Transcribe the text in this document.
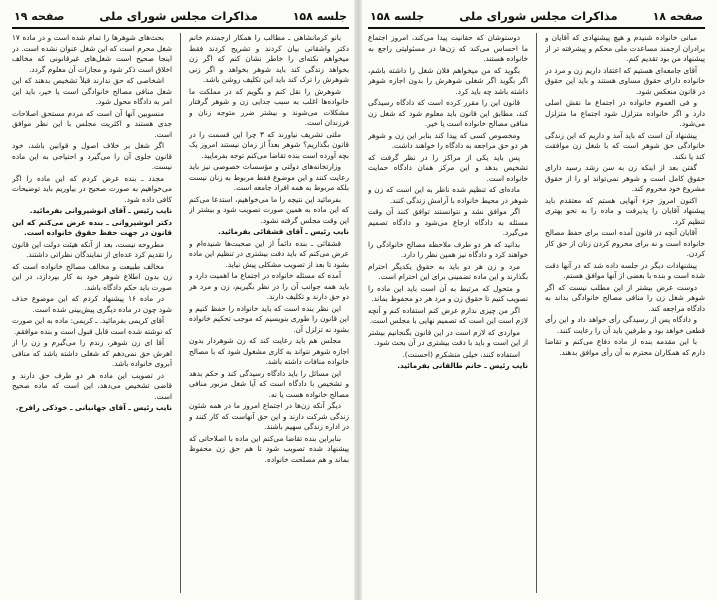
جلسه ۱۵۸
مذاکرات مجلس شورای ملی
صفحه ۱۹
بانو کرمانشاهی ـ مطالب را همکار ارجمندم خانم دکتر واشقانی بیان کردند و تشریح کردند فقط میخواهم نکته‌ای را خاطر نشان کنم که اگر زن بخواهد زندگی کند باید شوهر بخواهد و اگر زنی شوهرش را ترک کند باید این تکلیف روشن باشد.
شوهرش را نقل کنم و بگویم که در مملکت ما خانواده‌ها اغلب به سبب جدایی زن و شوهر گرفتار مشکلات می‌شوند و بیشتر ضرر متوجه زنان و فرزندان است.
ملتی تشریف نیاورند که ۳ چرا این قسمت را در قانون بگذاریم؟ شوهر بعداً از زمان نیستند امروز یک بچه آورده است بنده تقاضا می‌کنم توجه بفرمایید.
وزارتخانه‌های دولتی و مؤسسات خصوصی نیز باید رعایت کنند و این موضوع فقط مربوط به زنان نیست بلکه مربوط به همه افراد جامعه است.
بفرمائید این نتیجه را ما می‌خواهیم، استدعا می‌کنم که این ماده به همین صورت تصویب شود و بیشتر از این وقت مجلس گرفته نشود.
نایب رئیس ـ آقای قشقائی بفرمائید.
قشقائی ـ بنده دائماً از این صحبت‌ها شنیده‌ام و عرض می‌کنم که باید دقت بیشتری در تنظیم این ماده بشود تا بعد از تصویب مشکلی پیش نیاید.
آمده که مسئله خانواده در اجتماع ما اهمیت دارد و باید همه جوانب آن را در نظر بگیریم، زن و مرد هر دو حق دارند و تکلیف دارند.
این نظر بنده است که باید خانواده را حفظ کنیم و این قانون را طوری بنویسیم که موجب تحکیم خانواده بشود نه تزلزل آن.
مجلس هم باید رعایت کند که زن شوهردار بدون اجازه شوهر نتواند به کاری مشغول شود که با مصالح خانواده منافات داشته باشد.
این مسائل را باید دادگاه رسیدگی کند و حکم بدهد و تشخیص با دادگاه است که آیا شغل مزبور منافی مصالح خانواده هست یا نه.
دیگر آنکه زن‌ها در اجتماع امروز ما در همه شئون زندگی شرکت دارند و این حق آنهاست که کار کنند و در اداره زندگی سهیم باشند.
بنابراین بنده تقاضا می‌کنم این ماده با اصلاحاتی که پیشنهاد شده تصویب شود تا هم حق زن محفوظ بماند و هم مصلحت خانواده.
بحث‌های شوهرها را تمام شده است و در ماده ۱۷ شغل محرم است که این شغل عنوان نشده است. در اینجا صحیح است شغل‌های غیرقانونی که مخالف اخلاق است ذکر شود و مجازات آن معلوم گردد.
اشخاصی که حق ندارند قبلاً تشخیص بدهند که این شغل منافی مصالح خانوادگی است یا خیر، باید این امر به دادگاه محول شود.
منسوبین آنها آن است که مردم مستحق اصلاحات جدی هستند و اکثریت مجلس با این نظر موافق است.
اگر شغل بر خلاف اصول و قوانین باشد، خود قانون جلوی آن را می‌گیرد و احتیاجی به این ماده نیست.
مجدد ـ بنده عرض کردم که این ماده را اگر می‌خواهیم به صورت صحیح در بیاوریم باید توضیحات کافی داده شود.
نایب رئیس ـ آقای انوشیروانی بفرمائید.
دکتر انوشیروانی ـ بنده عرض می‌کنم که این قانون در جهت حفظ حقوق خانواده است.
مطروحه نیست، بعد از آنکه هیئت دولت این قانون را تقدیم کرد عده‌ای از نمایندگان نظراتی داشتند.
مخالف طبیعت و مخالف مصالح خانواده است که زن بدون اطلاع شوهر خود به کار بپردازد، در این صورت باید حکم دادگاه باشد.
در ماده ۱۶ پیشنهاد کردم که این موضوع حذف شود چون در ماده دیگری پیش‌بینی شده است.
آقای کریمی بفرمائید. ـ کریمی: ماده به این صورت که نوشته شده است قابل قبول است و بنده موافقم.
آقا ای زن شوهر، زندم را می‌گیرم و زن را از اهرش حق نمی‌دهم که شغلی داشته باشد که منافی آبروی خانواده باشد.
در تصویب این ماده هر دو طرف حق دارند و قاضی تشخیص می‌دهد، این است که ماده صحیح است.
نایب رئیس ـ آقای جهانبانی ـ خوذکی رافرخ.
صفحه ۱۸
مذاکرات مجلس شورای ملی
جلسه ۱۵۸
مبانی خانواده شنیدم و هیچ پیشنهادی که آقایان و برادران ارجمند مساعدت ملی محکم و پیشرفته تر از پیشنهاد من بود تقدیم کنم.
آقای جامعه‌ای هستیم که اعتقاد داریم زن و مرد در خانواده دارای حقوق مساوی هستند و باید این حقوق در قانون منعکس شود.
و فی العموم خانواده در اجتماع ما نقش اصلی دارد و اگر خانواده متزلزل شود اجتماع ما متزلزل می‌شود.
پیشنهاد آن است که باید آمد و داریم که این زندگی خانوادگی حق شوهر است که با شغل زن موافقت کند یا نکند.
گفتن بعد از اینکه زن به سن رشد رسید دارای حقوق کامل است و شوهر نمی‌تواند او را از حقوق مشروع خود محروم کند.
اکنون امروز جزء آنهایی هستم که معتقدم باید پیشنهاد آقایان را پذیرفت و ماده را به نحو بهتری تنظیم کرد.
آقایان آنچه در قانون آمده است برای حفظ مصالح خانواده است و نه برای محروم کردن زنان از حق کار کردن.
پیشنهادات دیگر در جلسه داده شد که در آنها دقت شده است و بنده با بعضی از آنها موافق هستم.
دوست عرض بیشتر از این مطلب نیست که اگر شوهر شغل زن را منافی مصالح خانوادگی بداند به دادگاه مراجعه کند.
و دادگاه پس از رسیدگی رأی خواهد داد و این رأی قطعی خواهد بود و طرفین باید آن را رعایت کنند.
با این مقدمه بنده از ماده دفاع می‌کنم و تقاضا دارم که همکاران محترم به آن رأی موافق بدهند.
دوستوشان که حقانیت پیدا می‌کند، امروز اجتماع ما احساس می‌کند که زن‌ها در مسئولیتی راجع به خانواده هستند.
بگوید که من میخواهم فلان شغل را داشته باشم، اگر بگوید اگر شغلی شوهرش را بدون اجازه شوهر داشته باشد چه باید کرد.
قانون این را مقرر کرده است که دادگاه رسیدگی کند، مطابق این قانون باید معلوم شود که شغل زن منافی مصالح خانواده است یا خیر.
ومخصوص کسی که پیدا کند بنابر این زن و شوهر هر دو حق مراجعه به دادگاه را خواهند داشت.
پس باید یکی از مراکز را در نظر گرفت که تشخیص بدهد و این مرکز همان دادگاه حمایت خانواده است.
ماده‌ای که تنظیم شده ناظر به این است که زن و شوهر در محیط خانواده با آرامش زندگی کنند.
اگر موافق نشد و نتوانستند توافق کنند آن وقت مسئله به دادگاه ارجاع می‌شود و دادگاه تصمیم می‌گیرد.
بدانید که هر دو طرف ملاحظه مصالح خانوادگی را خواهند کرد و دادگاه نیز همین نظر را دارد.
مرد و زن هر دو باید به حقوق یکدیگر احترام بگذارند و این ماده تضمینی برای این احترام است.
و متحول که مرتبط به آن است باید این ماده را تصویب کنیم تا حقوق زن و مرد هر دو محفوظ بماند.
اگر من چیزی ندارم عرض کنم استفاده کنم و آنچه لازم است این است که تصمیم نهایی با مجلس است.
مواردی که لازم است در این قانون بگنجانیم بیشتر از این است و باید با دقت بیشتری در آن بحث شود.
استفاده کنند، خیلی متشکرم (احسنت).
نایب رئیس ـ خانم طالقانی بفرمائید.
